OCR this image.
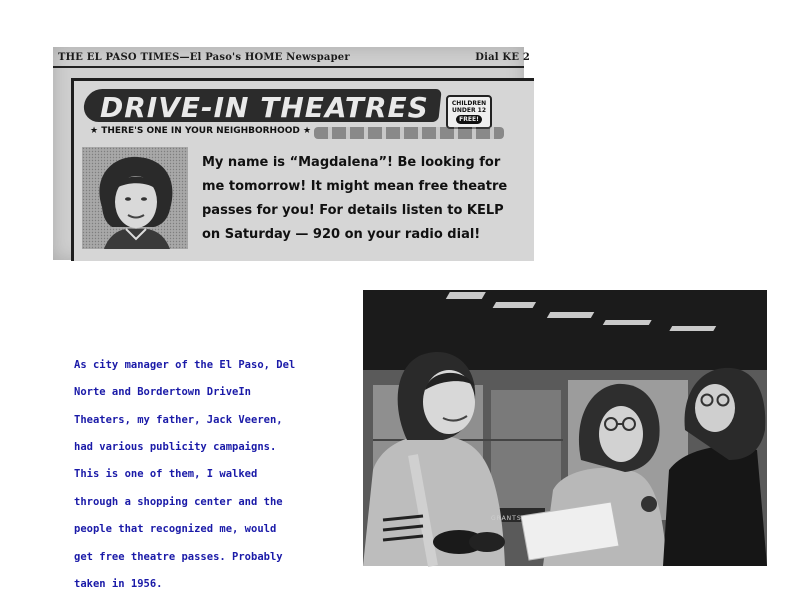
THE EL PASO TIMES—El Paso's HOME Newspaper	Dial KE 2
DRIVE-IN THEATRES	CHILDREN
UNDER 12
FREE!
★ THERE'S ONE IN YOUR NEIGHBORHOOD ★
My name is “Magdalena”! Be looking for
me tomorrow! It might mean free theatre
passes for you! For details listen to KELP
on Saturday — 920 on your radio dial!

As city manager of the El Paso, Del

Norte and Bordertown DriveIn

Theaters, my father, Jack Veeren,

had various publicity campaigns.

This is one of them, I walked

through a shopping center and the

people that recognized me, would

get free theatre passes. Probably

taken in 1956.

GRANTS
